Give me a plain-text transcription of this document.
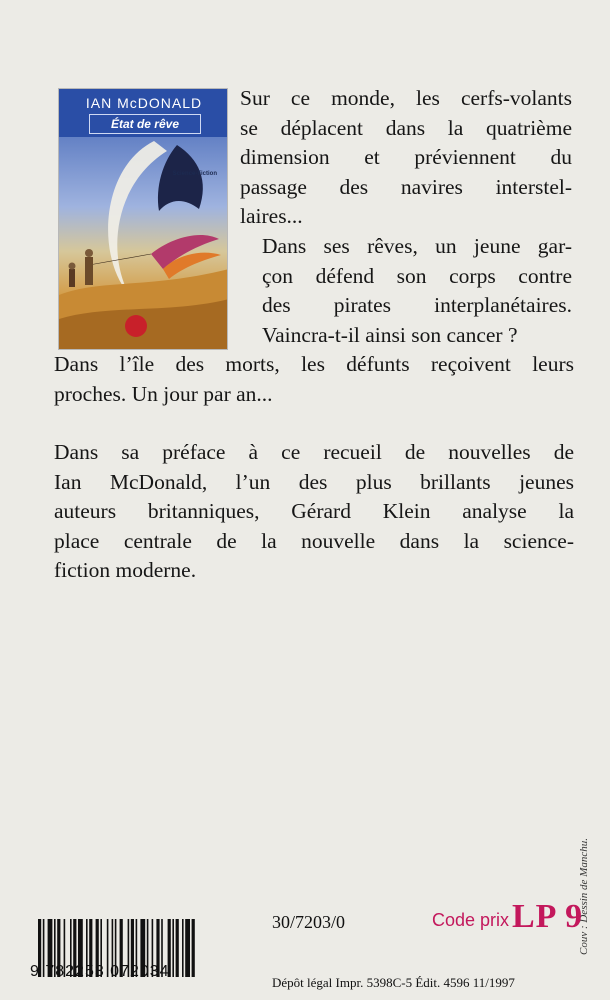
IAN McDONALD
État de rêve
Science-Fiction
Sur ce monde, les cerfs-volants
se déplacent dans la quatrième
dimension et préviennent du
passage des navires interstel-
laires...
Dans ses rêves, un jeune gar-
çon défend son corps contre
des pirates interplanétaires.
Vaincra-t-il ainsi son cancer ?
Dans l’île des morts, les défunts reçoivent leurs
proches. Un jour par an...
Dans sa préface à ce recueil de nouvelles de
Ian McDonald, l’un des plus brillants jeunes
auteurs britanniques, Gérard Klein analyse la
place centrale de la nouvelle dans la science-
fiction moderne.
Couv : Dessin de Manchu.
9 782253 072034
30/7203/0	Code prix LP 9
Dépôt légal Impr. 5398C-5 Édit. 4596 11/1997
